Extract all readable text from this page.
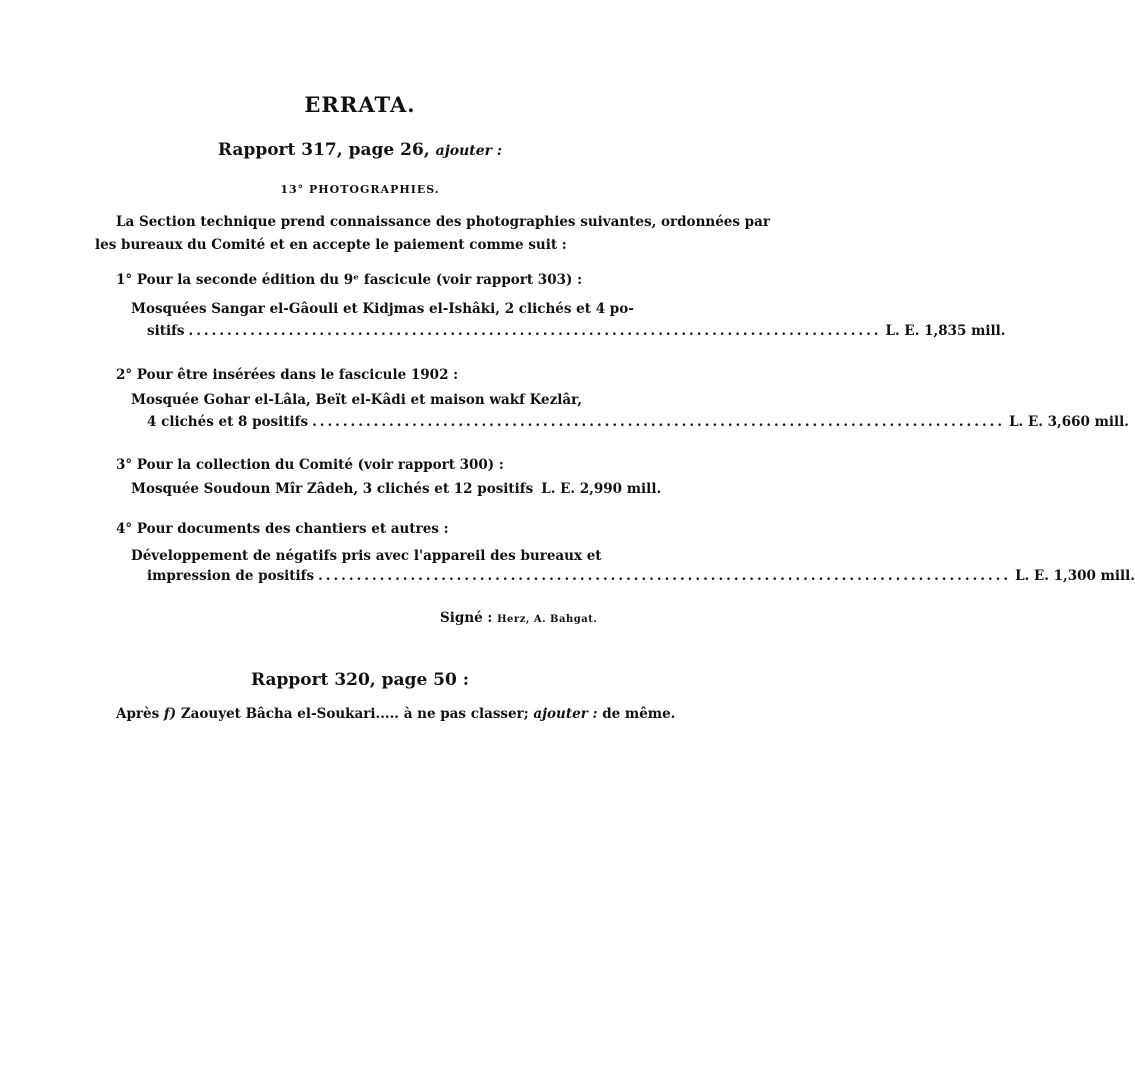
ERRATA.
Rapport 317, page 26, ajouter :
13° PHOTOGRAPHIES.
La Section technique prend connaissance des photographies suivantes, ordonnées par
les bureaux du Comité et en accepte le paiement comme suit :
1° Pour la seconde édition du 9ᵉ fascicule (voir rapport 303) :
Mosquées Sangar el-Gâouli et Kidjmas el-Ishâki, 2 clichés et 4 po-
sitifs .......................................................................................... L. E. 1,835 mill.
2° Pour être insérées dans le fascicule 1902 :
Mosquée Gohar el-Lâla, Beït el-Kâdi et maison wakf Kezlâr,
4 clichés et 8 positifs .......................................................................................... L. E. 3,660 mill.
3° Pour la collection du Comité (voir rapport 300) :
Mosquée Soudoun Mîr Zâdeh, 3 clichés et 12 positifs L. E. 2,990 mill.
4° Pour documents des chantiers et autres :
Développement de négatifs pris avec l'appareil des bureaux et
impression de positifs .......................................................................................... L. E. 1,300 mill.
Signé : Herz, A. Bahgat.
Rapport 320, page 50 :
Après f) Zaouyet Bâcha el-Soukari..... à ne pas classer; ajouter : de même.
